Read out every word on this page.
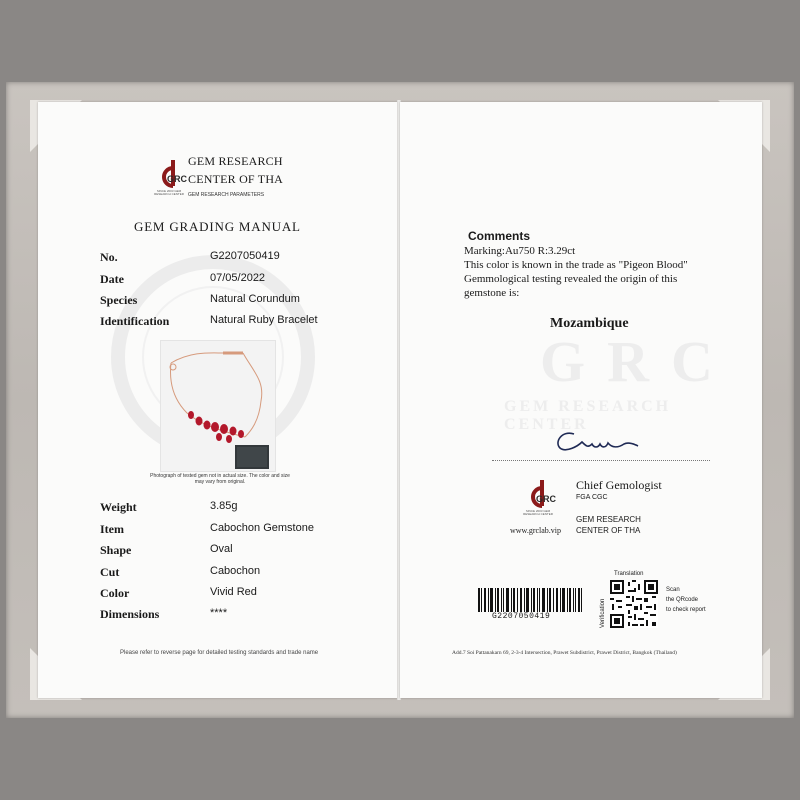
GRC
SINCE 2003 GEM RESEARCH CENTER
GEM RESEARCH
CENTER OF THA
GEM RESEARCH PARAMETERS
GEM GRADING MANUAL
No.	G2207050419
Date	07/05/2022
Species	Natural Corundum
Identification	Natural Ruby Bracelet
Photograph of tested gem not in actual size. The color and size may vary from original.
Weight	3.85g
Item	Cabochon Gemstone
Shape	Oval
Cut	Cabochon
Color	Vivid Red
Dimensions	****
Please refer to reverse page for detailed testing standards and trade name
GRC
GEM RESEARCH CENTER
Comments
Marking:Au750 R:3.29ct
This color is known in the trade as "Pigeon Blood"
Gemmological testing revealed the origin of this
gemstone is:
Mozambique
GRC
SINCE 2003 GEM RESEARCH CENTER
www.grclab.vip
Chief Gemologist
FGA CGC
GEM RESEARCH
CENTER OF THA
G2207050419	Verification
Translation
Scan
the QRcode
to check report
Add.7 Soi Pattanakarn 69, 2-3-4 Intersection, Prawet Subdistrict, Prawet District, Bangkok (Thailand)
